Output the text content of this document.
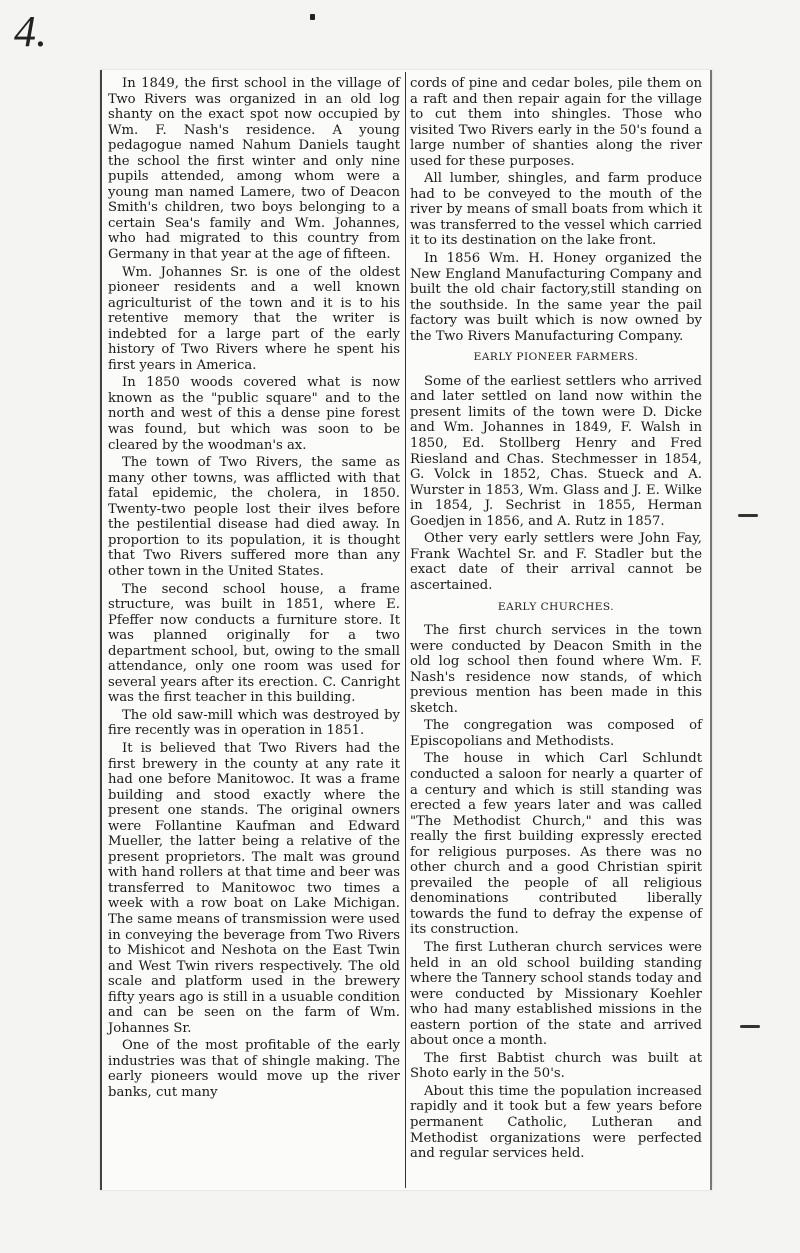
4.

In 1849, the first school in the village of Two Rivers was organized in an old log shanty on the exact spot now occupied by Wm. F. Nash's residence. A young pedagogue named Nahum Daniels taught the school the first winter and only nine pupils attended, among whom were a young man named Lamere, two of Deacon Smith's children, two boys belonging to a certain Sea's family and Wm. Johannes, who had migrated to this country from Germany in that year at the age of fifteen.

Wm. Johannes Sr. is one of the oldest pioneer residents and a well known agriculturist of the town and it is to his retentive memory that the writer is indebted for a large part of the early history of Two Rivers where he spent his first years in America.

In 1850 woods covered what is now known as the "public square" and to the north and west of this a dense pine forest was found, but which was soon to be cleared by the woodman's ax.

The town of Two Rivers, the same as many other towns, was afflicted with that fatal epidemic, the cholera, in 1850. Twenty-two people lost their ilves before the pestilential disease had died away. In proportion to its population, it is thought that Two Rivers suffered more than any other town in the United States.

The second school house, a frame structure, was built in 1851, where E. Pfeffer now conducts a furniture store. It was planned originally for a two department school, but, owing to the small attendance, only one room was used for several years after its erection. C. Canright was the first teacher in this building.

The old saw-mill which was destroyed by fire recently was in operation in 1851.

It is believed that Two Rivers had the first brewery in the county at any rate it had one before Manitowoc. It was a frame building and stood exactly where the present one stands. The original owners were Follantine Kaufman and Edward Mueller, the latter being a relative of the present proprietors. The malt was ground with hand rollers at that time and beer was transferred to Manitowoc two times a week with a row boat on Lake Michigan. The same means of transmission were used in conveying the beverage from Two Rivers to Mishicot and Neshota on the East Twin and West Twin rivers respectively. The old scale and platform used in the brewery fifty years ago is still in a usuable condition and can be seen on the farm of Wm. Johannes Sr.

One of the most profitable of the early industries was that of shingle making. The early pioneers would move up the river banks, cut many

cords of pine and cedar boles, pile them on a raft and then repair again for the village to cut them into shingles. Those who visited Two Rivers early in the 50's found a large number of shanties along the river used for these purposes.

All lumber, shingles, and farm produce had to be conveyed to the mouth of the river by means of small boats from which it was transferred to the vessel which carried it to its destination on the lake front.

In 1856 Wm. H. Honey organized the New England Manufacturing Company and built the old chair factory,still standing on the southside. In the same year the pail factory was built which is now owned by the Two Rivers Manufacturing Company.

EARLY PIONEER FARMERS.

Some of the earliest settlers who arrived and later settled on land now within the present limits of the town were D. Dicke and Wm. Johannes in 1849, F. Walsh in 1850, Ed. Stollberg Henry and Fred Riesland and Chas. Stechmesser in 1854, G. Volck in 1852, Chas. Stueck and A. Wurster in 1853, Wm. Glass and J. E. Wilke in 1854, J. Sechrist in 1855, Herman Goedjen in 1856, and A. Rutz in 1857.

Other very early settlers were John Fay, Frank Wachtel Sr. and F. Stadler but the exact date of their arrival cannot be ascertained.

EARLY CHURCHES.

The first church services in the town were conducted by Deacon Smith in the old log school then found where Wm. F. Nash's residence now stands, of which previous mention has been made in this sketch.

The congregation was composed of Episcopolians and Methodists.

The house in which Carl Schlundt conducted a saloon for nearly a quarter of a century and which is still standing was erected a few years later and was called "The Methodist Church," and this was really the first building expressly erected for religious purposes. As there was no other church and a good Christian spirit prevailed the people of all religious denominations contributed liberally towards the fund to defray the expense of its construction.

The first Lutheran church services were held in an old school building standing where the Tannery school stands today and were conducted by Missionary Koehler who had many established missions in the eastern portion of the state and arrived about once a month.

The first Babtist church was built at Shoto early in the 50's.

About this time the population increased rapidly and it took but a few years before permanent Catholic, Lutheran and Methodist organizations were perfected and regular services held.
